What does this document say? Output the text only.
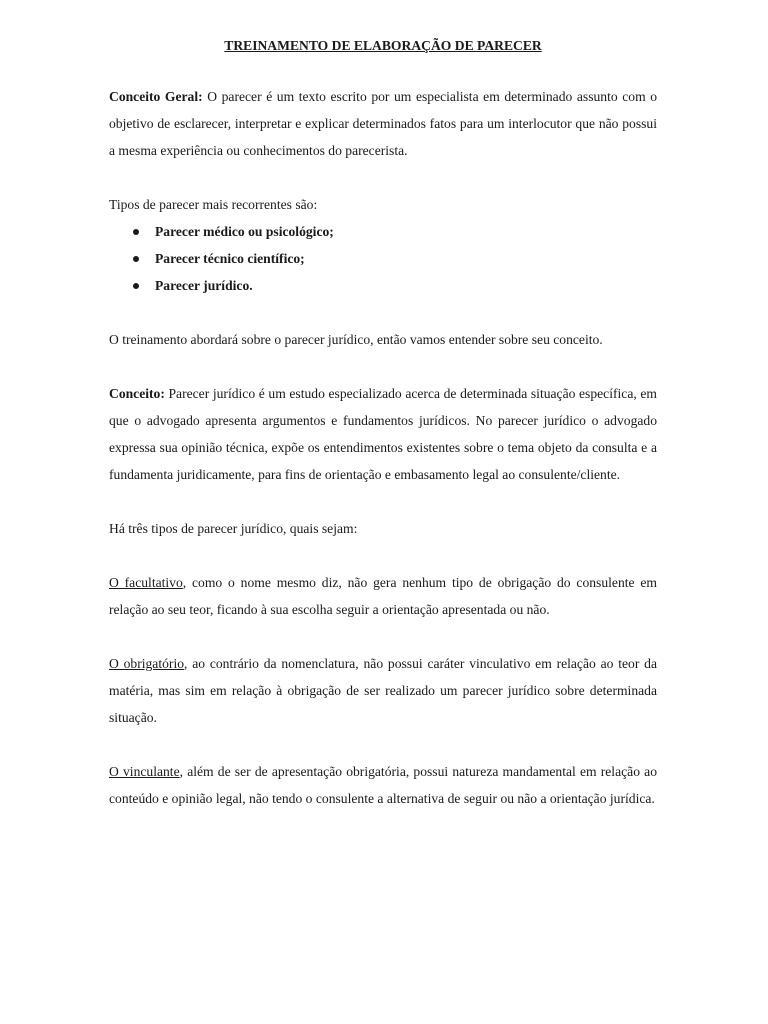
TREINAMENTO DE ELABORAÇÃO DE PARECER

Conceito Geral: O parecer é um texto escrito por um especialista em determinado assunto com o objetivo de esclarecer, interpretar e explicar determinados fatos para um interlocutor que não possui a mesma experiência ou conhecimentos do parecerista.

Tipos de parecer mais recorrentes são:

Parecer médico ou psicológico;
Parecer técnico científico;
Parecer jurídico.

O treinamento abordará sobre o parecer jurídico, então vamos entender sobre seu conceito.

Conceito: Parecer jurídico é um estudo especializado acerca de determinada situação específica, em que o advogado apresenta argumentos e fundamentos jurídicos. No parecer jurídico o advogado expressa sua opinião técnica, expõe os entendimentos existentes sobre o tema objeto da consulta e a fundamenta juridicamente, para fins de orientação e embasamento legal ao consulente/cliente.

Há três tipos de parecer jurídico, quais sejam:

O facultativo, como o nome mesmo diz, não gera nenhum tipo de obrigação do consulente em relação ao seu teor, ficando à sua escolha seguir a orientação apresentada ou não.

O obrigatório, ao contrário da nomenclatura, não possui caráter vinculativo em relação ao teor da matéria, mas sim em relação à obrigação de ser realizado um parecer jurídico sobre determinada situação.

O vinculante, além de ser de apresentação obrigatória, possui natureza mandamental em relação ao conteúdo e opinião legal, não tendo o consulente a alternativa de seguir ou não a orientação jurídica.
